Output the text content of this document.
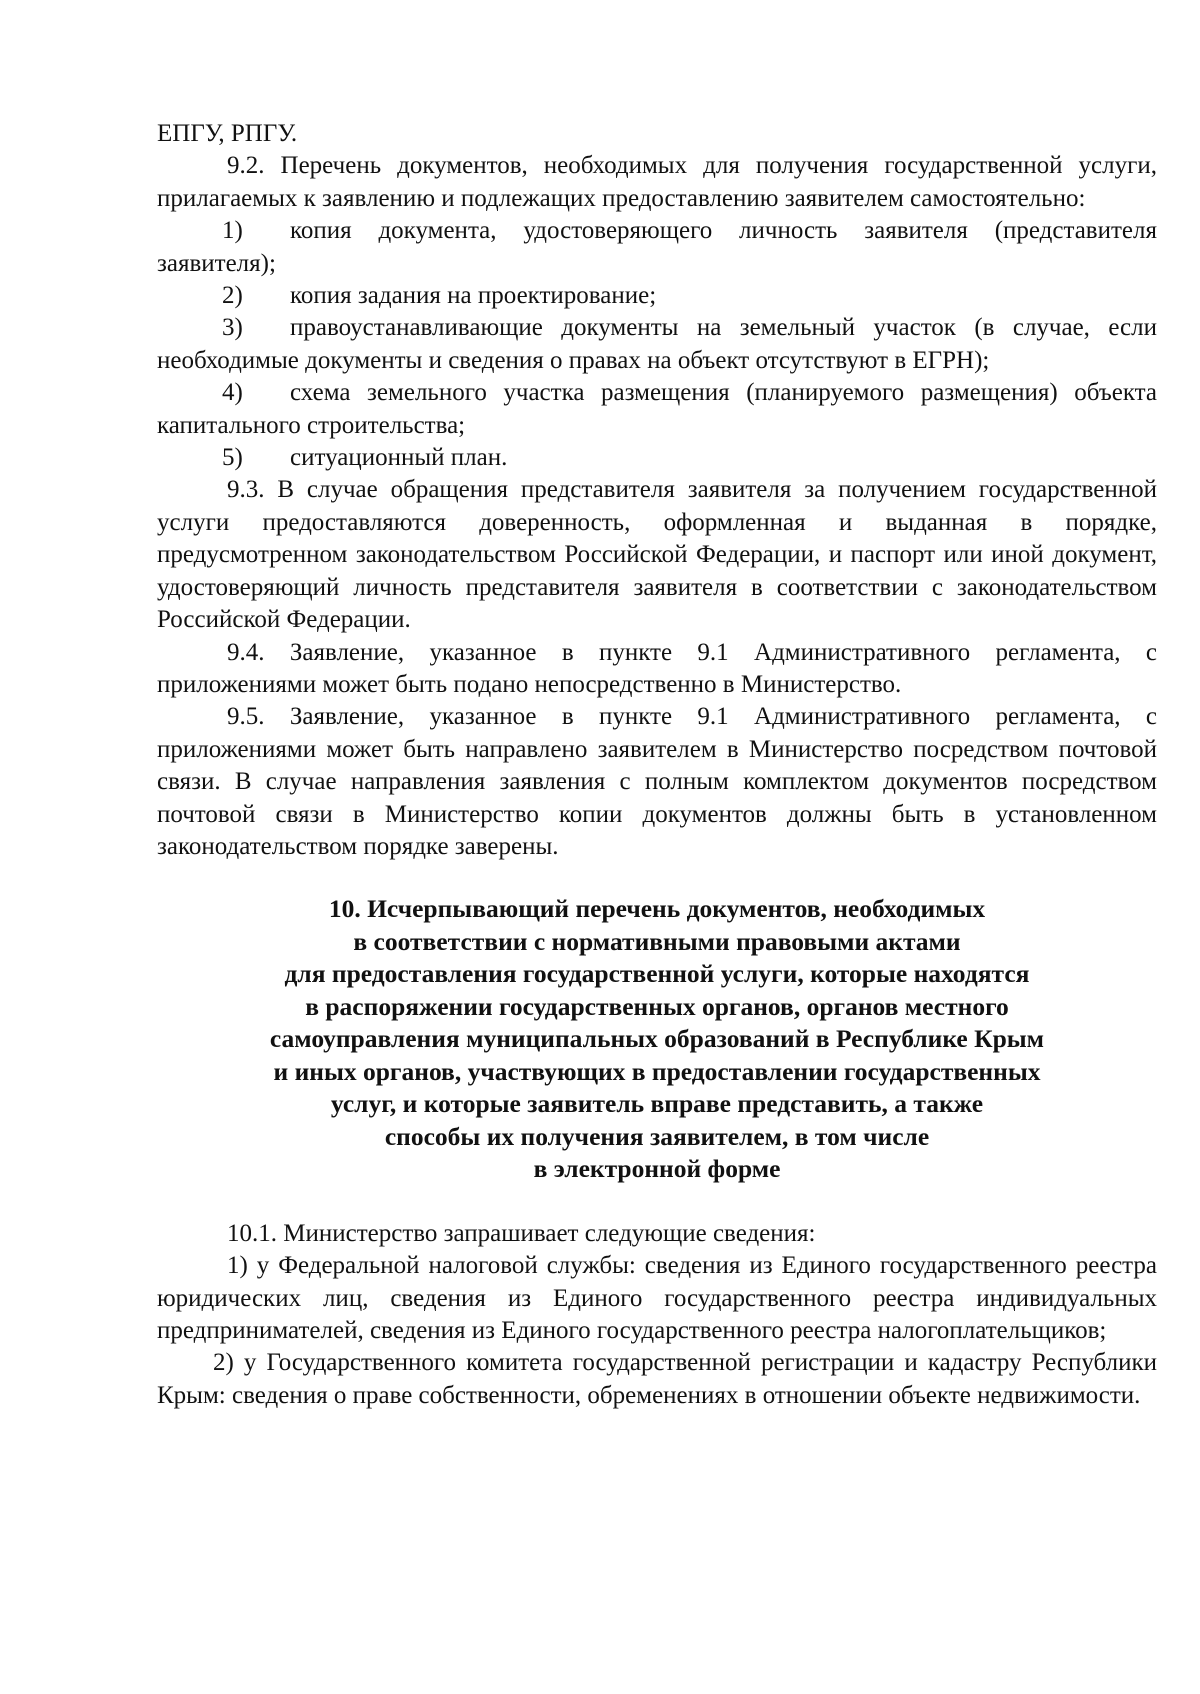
ЕПГУ, РПГУ.

9.2. Перечень документов, необходимых для получения государственной услуги, прилагаемых к заявлению и подлежащих предоставлению заявителем самостоятельно:

1) копия документа, удостоверяющего личность заявителя (представителя заявителя);

2) копия задания на проектирование;

3) правоустанавливающие документы на земельный участок (в случае, если необходимые документы и сведения о правах на объект отсутствуют в ЕГРН);

4) схема земельного участка размещения (планируемого размещения) объекта капитального строительства;

5) ситуационный план.

9.3. В случае обращения представителя заявителя за получением государственной услуги предоставляются доверенность, оформленная и выданная в порядке, предусмотренном законодательством Российской Федерации, и паспорт или иной документ, удостоверяющий личность представителя заявителя в соответствии с законодательством Российской Федерации.

9.4. Заявление, указанное в пункте 9.1 Административного регламента, с приложениями может быть подано непосредственно в Министерство.

9.5. Заявление, указанное в пункте 9.1 Административного регламента, с приложениями может быть направлено заявителем в Министерство посредством почтовой связи. В случае направления заявления с полным комплектом документов посредством почтовой связи в Министерство копии документов должны быть в установленном законодательством порядке заверены.

10. Исчерпывающий перечень документов, необходимых
в соответствии с нормативными правовыми актами
для предоставления государственной услуги, которые находятся
в распоряжении государственных органов, органов местного
самоуправления муниципальных образований в Республике Крым
и иных органов, участвующих в предоставлении государственных
услуг, и которые заявитель вправе представить, а также
способы их получения заявителем, в том числе
в электронной форме

10.1. Министерство запрашивает следующие сведения:

1) у Федеральной налоговой службы: сведения из Единого государственного реестра юридических лиц, сведения из Единого государственного реестра индивидуальных предпринимателей, сведения из Единого государственного реестра налогоплательщиков;

2) у Государственного комитета государственной регистрации и кадастру Республики Крым: сведения о праве собственности, обременениях в отношении объекте недвижимости.
